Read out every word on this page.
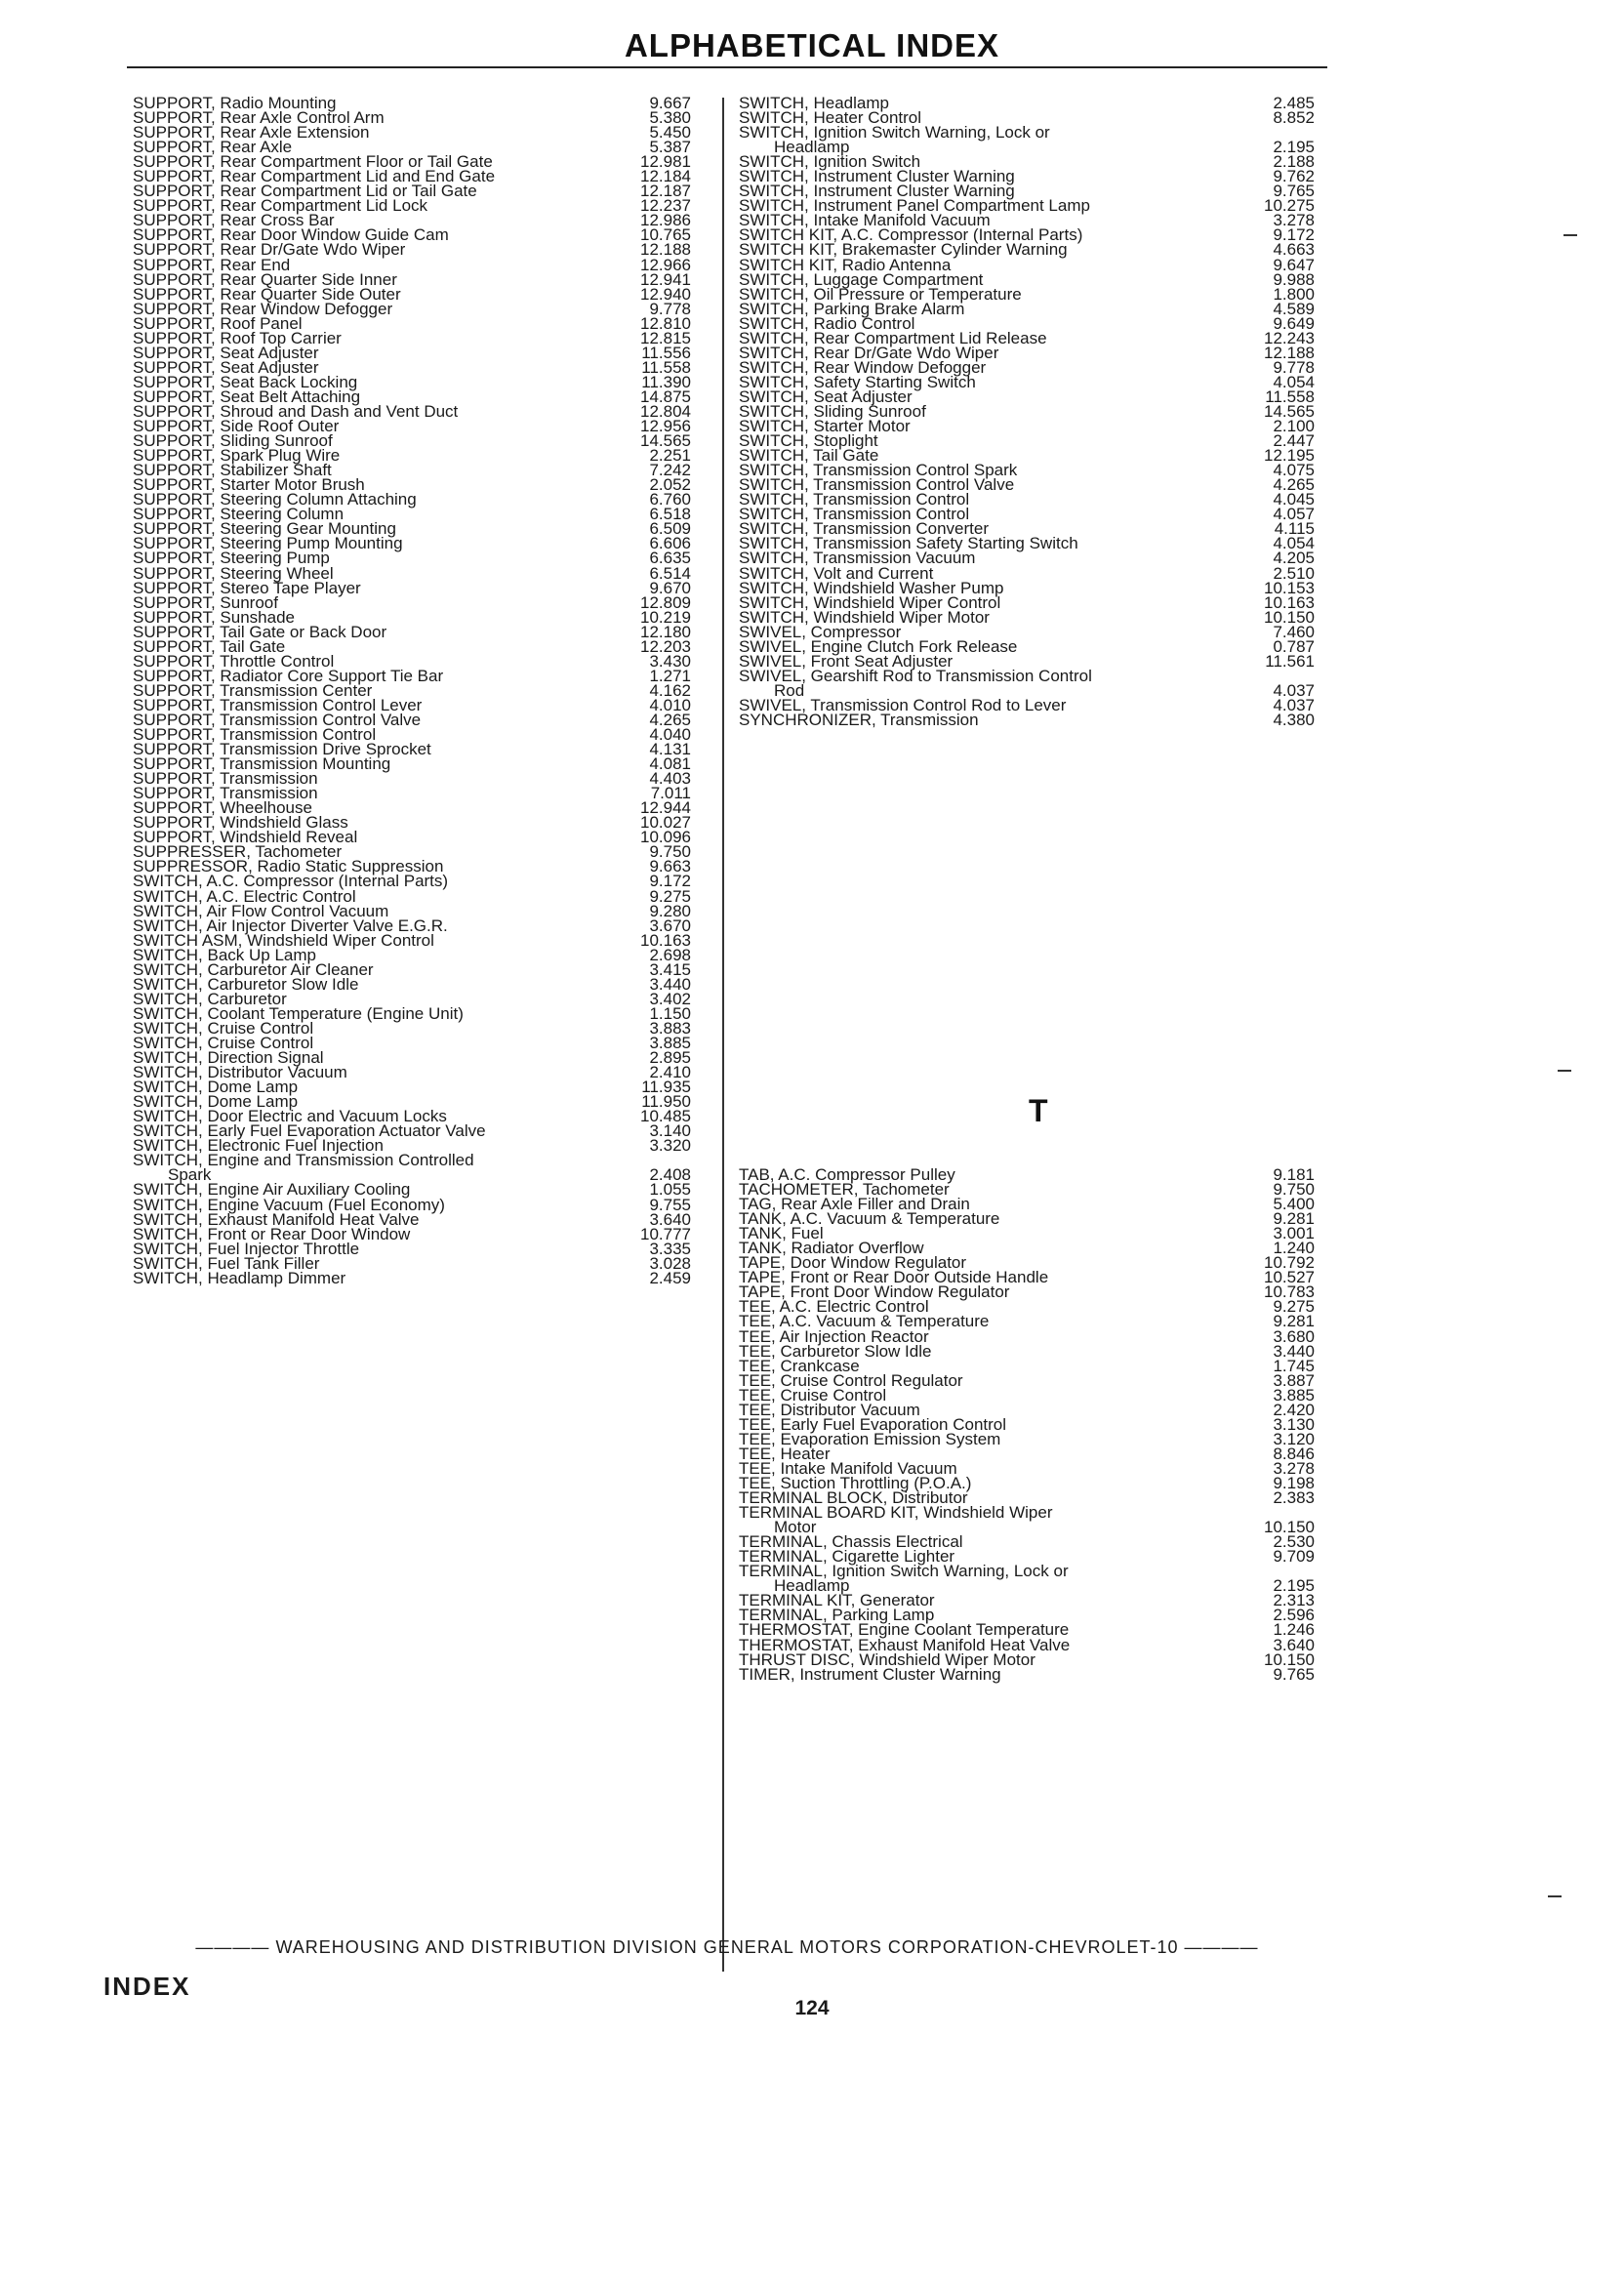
ALPHABETICAL INDEX
SUPPORT, Radio Mounting	9.667
SUPPORT, Rear Axle Control Arm	5.380
SUPPORT, Rear Axle Extension	5.450
SUPPORT, Rear Axle	5.387
SUPPORT, Rear Compartment Floor or Tail Gate	12.981
SUPPORT, Rear Compartment Lid and End Gate	12.184
SUPPORT, Rear Compartment Lid or Tail Gate	12.187
SUPPORT, Rear Compartment Lid Lock	12.237
SUPPORT, Rear Cross Bar	12.986
SUPPORT, Rear Door Window Guide Cam	10.765
SUPPORT, Rear Dr/Gate Wdo Wiper	12.188
SUPPORT, Rear End	12.966
SUPPORT, Rear Quarter Side Inner	12.941
SUPPORT, Rear Quarter Side Outer	12.940
SUPPORT, Rear Window Defogger	9.778
SUPPORT, Roof Panel	12.810
SUPPORT, Roof Top Carrier	12.815
SUPPORT, Seat Adjuster	11.556
SUPPORT, Seat Adjuster	11.558
SUPPORT, Seat Back Locking	11.390
SUPPORT, Seat Belt Attaching	14.875
SUPPORT, Shroud and Dash and Vent Duct	12.804
SUPPORT, Side Roof Outer	12.956
SUPPORT, Sliding Sunroof	14.565
SUPPORT, Spark Plug Wire	2.251
SUPPORT, Stabilizer Shaft	7.242
SUPPORT, Starter Motor Brush	2.052
SUPPORT, Steering Column Attaching	6.760
SUPPORT, Steering Column	6.518
SUPPORT, Steering Gear Mounting	6.509
SUPPORT, Steering Pump Mounting	6.606
SUPPORT, Steering Pump	6.635
SUPPORT, Steering Wheel	6.514
SUPPORT, Stereo Tape Player	9.670
SUPPORT, Sunroof	12.809
SUPPORT, Sunshade	10.219
SUPPORT, Tail Gate or Back Door	12.180
SUPPORT, Tail Gate	12.203
SUPPORT, Throttle Control	3.430
SUPPORT, Radiator Core Support Tie Bar	1.271
SUPPORT, Transmission Center	4.162
SUPPORT, Transmission Control Lever	4.010
SUPPORT, Transmission Control Valve	4.265
SUPPORT, Transmission Control	4.040
SUPPORT, Transmission Drive Sprocket	4.131
SUPPORT, Transmission Mounting	4.081
SUPPORT, Transmission	4.403
SUPPORT, Transmission	7.011
SUPPORT, Wheelhouse	12.944
SUPPORT, Windshield Glass	10.027
SUPPORT, Windshield Reveal	10.096
SUPPRESSER, Tachometer	9.750
SUPPRESSOR, Radio Static Suppression	9.663
SWITCH, A.C. Compressor (Internal Parts)	9.172
SWITCH, A.C. Electric Control	9.275
SWITCH, Air Flow Control Vacuum	9.280
SWITCH, Air Injector Diverter Valve E.G.R.	3.670
SWITCH ASM, Windshield Wiper Control	10.163
SWITCH, Back Up Lamp	2.698
SWITCH, Carburetor Air Cleaner	3.415
SWITCH, Carburetor Slow Idle	3.440
SWITCH, Carburetor	3.402
SWITCH, Coolant Temperature (Engine Unit)	1.150
SWITCH, Cruise Control	3.883
SWITCH, Cruise Control	3.885
SWITCH, Direction Signal	2.895
SWITCH, Distributor Vacuum	2.410
SWITCH, Dome Lamp	11.935
SWITCH, Dome Lamp	11.950
SWITCH, Door Electric and Vacuum Locks	10.485
SWITCH, Early Fuel Evaporation Actuator Valve	3.140
SWITCH, Electronic Fuel Injection	3.320
SWITCH, Engine and Transmission Controlled
Spark	2.408
SWITCH, Engine Air Auxiliary Cooling	1.055
SWITCH, Engine Vacuum (Fuel Economy)	9.755
SWITCH, Exhaust Manifold Heat Valve	3.640
SWITCH, Front or Rear Door Window	10.777
SWITCH, Fuel Injector Throttle	3.335
SWITCH, Fuel Tank Filler	3.028
SWITCH, Headlamp Dimmer	2.459
SWITCH, Headlamp	2.485
SWITCH, Heater Control	8.852
SWITCH, Ignition Switch Warning, Lock or
Headlamp	2.195
SWITCH, Ignition Switch	2.188
SWITCH, Instrument Cluster Warning	9.762
SWITCH, Instrument Cluster Warning	9.765
SWITCH, Instrument Panel Compartment Lamp	10.275
SWITCH, Intake Manifold Vacuum	3.278
SWITCH KIT, A.C. Compressor (Internal Parts)	9.172
SWITCH KIT, Brakemaster Cylinder Warning	4.663
SWITCH KIT, Radio Antenna	9.647
SWITCH, Luggage Compartment	9.988
SWITCH, Oil Pressure or Temperature	1.800
SWITCH, Parking Brake Alarm	4.589
SWITCH, Radio Control	9.649
SWITCH, Rear Compartment Lid Release	12.243
SWITCH, Rear Dr/Gate Wdo Wiper	12.188
SWITCH, Rear Window Defogger	9.778
SWITCH, Safety Starting Switch	4.054
SWITCH, Seat Adjuster	11.558
SWITCH, Sliding Sunroof	14.565
SWITCH, Starter Motor	2.100
SWITCH, Stoplight	2.447
SWITCH, Tail Gate	12.195
SWITCH, Transmission Control Spark	4.075
SWITCH, Transmission Control Valve	4.265
SWITCH, Transmission Control	4.045
SWITCH, Transmission Control	4.057
SWITCH, Transmission Converter	4.115
SWITCH, Transmission Safety Starting Switch	4.054
SWITCH, Transmission Vacuum	4.205
SWITCH, Volt and Current	2.510
SWITCH, Windshield Washer Pump	10.153
SWITCH, Windshield Wiper Control	10.163
SWITCH, Windshield Wiper Motor	10.150
SWIVEL, Compressor	7.460
SWIVEL, Engine Clutch Fork Release	0.787
SWIVEL, Front Seat Adjuster	11.561
SWIVEL, Gearshift Rod to Transmission Control
Rod	4.037
SWIVEL, Transmission Control Rod to Lever	4.037
SYNCHRONIZER, Transmission	4.380
T
TAB, A.C. Compressor Pulley	9.181
TACHOMETER, Tachometer	9.750
TAG, Rear Axle Filler and Drain	5.400
TANK, A.C. Vacuum & Temperature	9.281
TANK, Fuel	3.001
TANK, Radiator Overflow	1.240
TAPE, Door Window Regulator	10.792
TAPE, Front or Rear Door Outside Handle	10.527
TAPE, Front Door Window Regulator	10.783
TEE, A.C. Electric Control	9.275
TEE, A.C. Vacuum & Temperature	9.281
TEE, Air Injection Reactor	3.680
TEE, Carburetor Slow Idle	3.440
TEE, Crankcase	1.745
TEE, Cruise Control Regulator	3.887
TEE, Cruise Control	3.885
TEE, Distributor Vacuum	2.420
TEE, Early Fuel Evaporation Control	3.130
TEE, Evaporation Emission System	3.120
TEE, Heater	8.846
TEE, Intake Manifold Vacuum	3.278
TEE, Suction Throttling (P.O.A.)	9.198
TERMINAL BLOCK, Distributor	2.383
TERMINAL BOARD KIT, Windshield Wiper
Motor	10.150
TERMINAL, Chassis Electrical	2.530
TERMINAL, Cigarette Lighter	9.709
TERMINAL, Ignition Switch Warning, Lock or
Headlamp	2.195
TERMINAL KIT, Generator	2.313
TERMINAL, Parking Lamp	2.596
THERMOSTAT, Engine Coolant Temperature	1.246
THERMOSTAT, Exhaust Manifold Heat Valve	3.640
THRUST DISC, Windshield Wiper Motor	10.150
TIMER, Instrument Cluster Warning	9.765
———— WAREHOUSING AND DISTRIBUTION DIVISION GENERAL MOTORS CORPORATION-CHEVROLET-10 ————
INDEX
124
